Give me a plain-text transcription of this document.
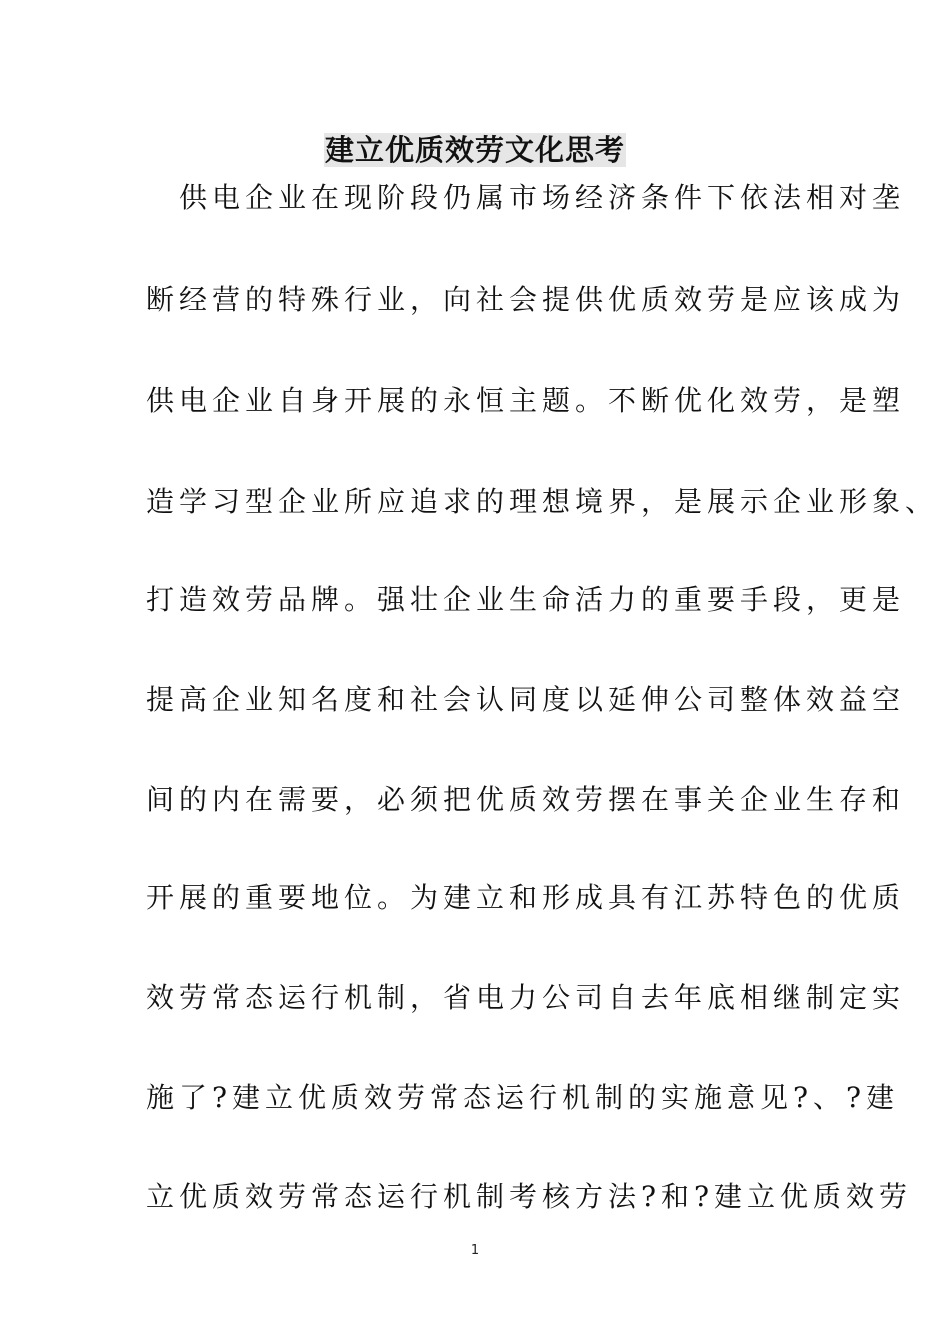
建立优质效劳文化思考
　供电企业在现阶段仍属市场经济条件下依法相对垄
断经营的特殊行业，向社会提供优质效劳是应该成为
供电企业自身开展的永恒主题。不断优化效劳，是塑
造学习型企业所应追求的理想境界，是展示企业形象、
打造效劳品牌。强壮企业生命活力的重要手段，更是
提高企业知名度和社会认同度以延伸公司整体效益空
间的内在需要，必须把优质效劳摆在事关企业生存和
开展的重要地位。为建立和形成具有江苏特色的优质
效劳常态运行机制，省电力公司自去年底相继制定实
施了?建立优质效劳常态运行机制的实施意见?、?建
立优质效劳常态运行机制考核方法?和?建立优质效劳
1
